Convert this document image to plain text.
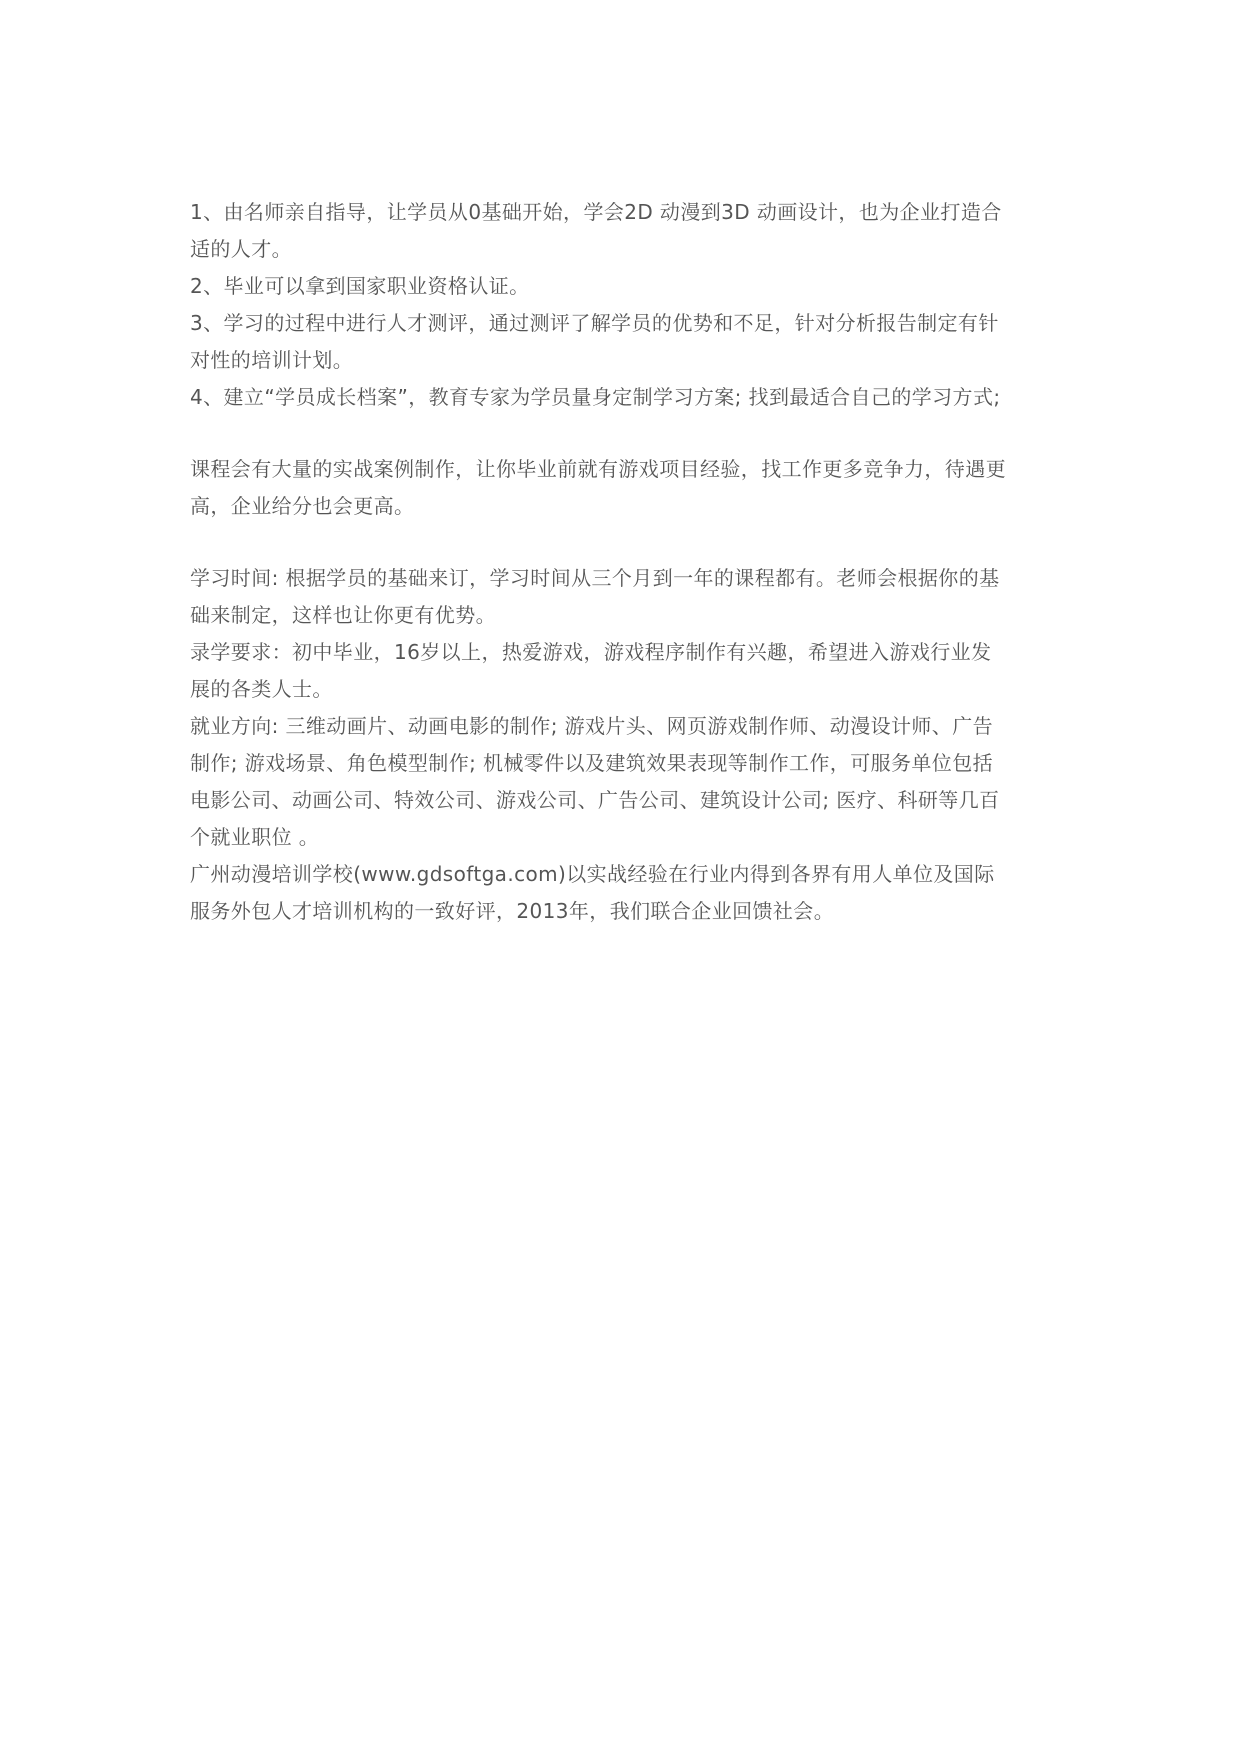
1、由名师亲自指导，让学员从0基础开始，学会2D 动漫到3D 动画设计，也为企业打造合
适的人才。
2、毕业可以拿到国家职业资格认证。
3、学习的过程中进行人才测评，通过测评了解学员的优势和不足，针对分析报告制定有针
对性的培训计划。
4、建立“学员成长档案”，教育专家为学员量身定制学习方案; 找到最适合自己的学习方式;
课程会有大量的实战案例制作，让你毕业前就有游戏项目经验，找工作更多竞争力，待遇更
高，企业给分也会更高。
学习时间: 根据学员的基础来订，学习时间从三个月到一年的课程都有。老师会根据你的基
础来制定，这样也让你更有优势。
录学要求：初中毕业，16岁以上，热爱游戏，游戏程序制作有兴趣，希望进入游戏行业发
展的各类人士。
就业方向: 三维动画片、动画电影的制作; 游戏片头、网页游戏制作师、动漫设计师、广告
制作; 游戏场景、角色模型制作; 机械零件以及建筑效果表现等制作工作，可服务单位包括
电影公司、动画公司、特效公司、游戏公司、广告公司、建筑设计公司; 医疗、科研等几百
个就业职位 。
广州动漫培训学校(www.gdsoftga.com)以实战经验在行业内得到各界有用人单位及国际
服务外包人才培训机构的一致好评，2013年，我们联合企业回馈社会。
